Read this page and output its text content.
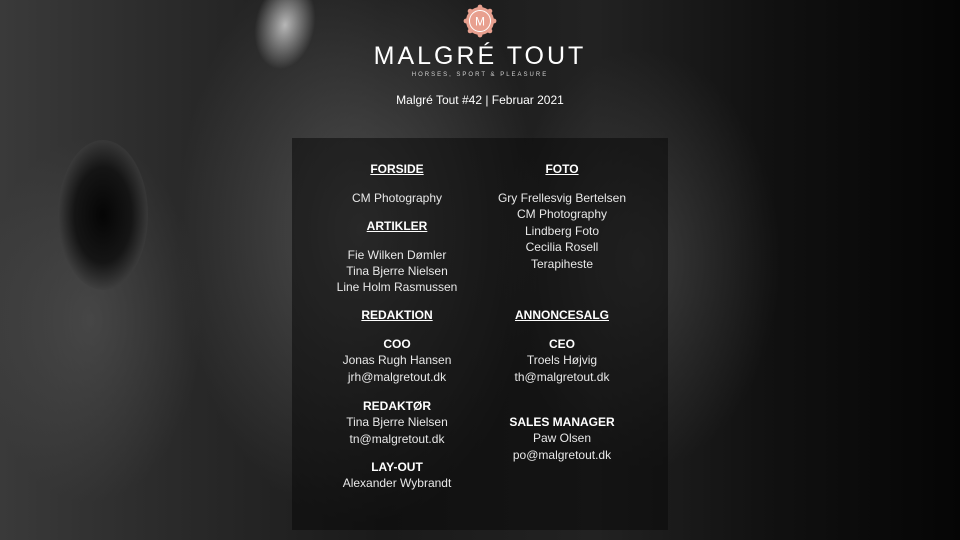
M
MALGRÉ TOUT
HORSES, SPORT & PLEASURE
Malgré Tout #42 | Februar 2021
FORSIDE
CM Photography
ARTIKLER
Fie Wilken Dømler
Tina Bjerre Nielsen
Line Holm Rasmussen
REDAKTION
COO
Jonas Rugh Hansen
jrh@malgretout.dk
REDAKTØR
Tina Bjerre Nielsen
tn@malgretout.dk
LAY-OUT
Alexander Wybrandt
FOTO
Gry Frellesvig Bertelsen
CM Photography
Lindberg Foto
Cecilia Rosell
Terapiheste
ANNONCESALG
CEO
Troels Højvig
th@malgretout.dk
SALES MANAGER
Paw Olsen
po@malgretout.dk
